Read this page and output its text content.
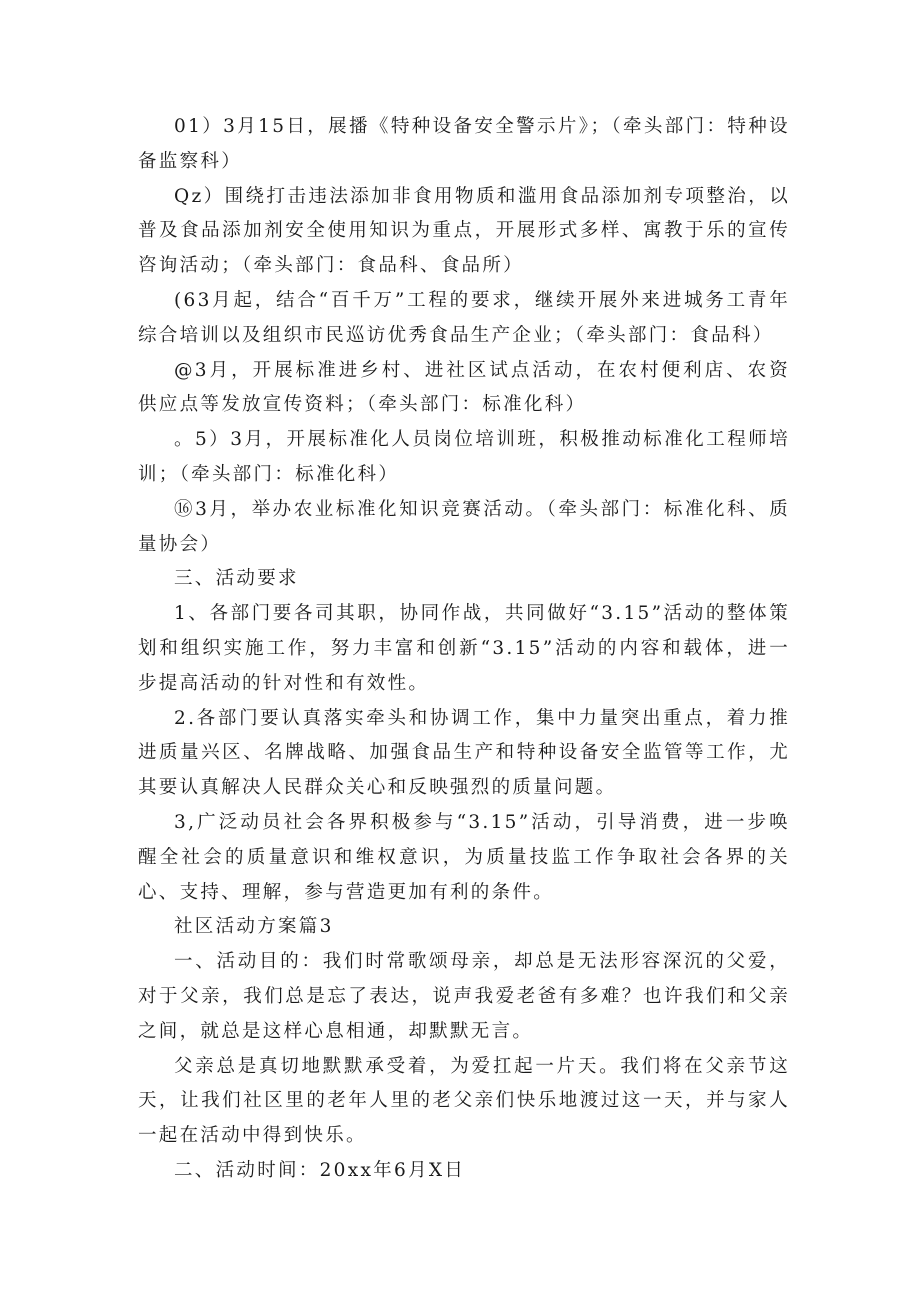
01）3月15日，展播《特种设备安全警示片》；（牵头部门：特种设备监察科）

Qz）围绕打击违法添加非食用物质和滥用食品添加剂专项整治，以普及食品添加剂安全使用知识为重点，开展形式多样、寓教于乐的宣传咨询活动；（牵头部门：食品科、食品所）

(63月起，结合“百千万”工程的要求，继续开展外来进城务工青年综合培训以及组织市民巡访优秀食品生产企业；（牵头部门：食品科）

@3月，开展标准进乡村、进社区试点活动，在农村便利店、农资供应点等发放宣传资料；（牵头部门：标准化科）

。5）3月，开展标准化人员岗位培训班，积极推动标准化工程师培训；（牵头部门：标准化科）

⑯3月，举办农业标准化知识竞赛活动。（牵头部门：标准化科、质量协会）

三、活动要求

1、各部门要各司其职，协同作战，共同做好“3.15”活动的整体策划和组织实施工作，努力丰富和创新“3.15”活动的内容和载体，进一步提高活动的针对性和有效性。

2.各部门要认真落实牵头和协调工作，集中力量突出重点，着力推进质量兴区、名牌战略、加强食品生产和特种设备安全监管等工作，尤其要认真解决人民群众关心和反映强烈的质量问题。

3,广泛动员社会各界积极参与“3.15”活动，引导消费，进一步唤醒全社会的质量意识和维权意识，为质量技监工作争取社会各界的关心、支持、理解，参与营造更加有利的条件。

社区活动方案篇3

一、活动目的：我们时常歌颂母亲，却总是无法形容深沉的父爱，对于父亲，我们总是忘了表达，说声我爱老爸有多难？也许我们和父亲之间，就总是这样心息相通，却默默无言。

父亲总是真切地默默承受着，为爱扛起一片天。我们将在父亲节这天，让我们社区里的老年人里的老父亲们快乐地渡过这一天，并与家人一起在活动中得到快乐。

二、活动时间：20xx年6月X日
